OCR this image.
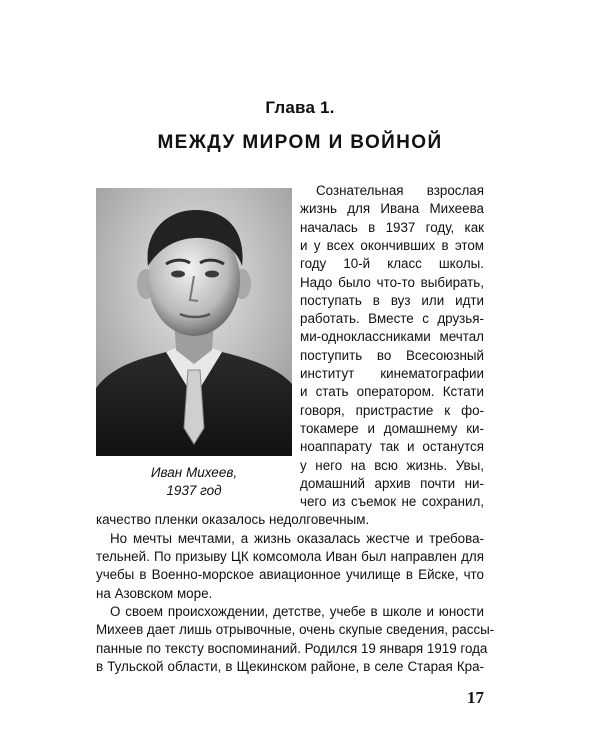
Глава 1.
МЕЖДУ МИРОМ И ВОЙНОЙ
Иван Михеев,
1937 год
Сознательная взрослая
жизнь для Ивана Михеева
началась в 1937 году, как
и у всех окончивших в этом
году 10-й класс школы.
Надо было что-то выбирать,
поступать в вуз или идти
работать. Вместе с друзья-
ми-одноклассниками мечтал
поступить во Всесоюзный
институт кинематографии
и стать оператором. Кстати
говоря, пристрастие к фо-
токамере и домашнему ки-
ноаппарату так и останутся
у него на всю жизнь. Увы,
домашний архив почти ни-
чего из съемок не сохранил,
качество пленки оказалось недолговечным.
Но мечты мечтами, а жизнь оказалась жестче и требова-
тельней. По призыву ЦК комсомола Иван был направлен для
учебы в Военно-морское авиационное училище в Ейске, что
на Азовском море.
О своем происхождении, детстве, учебе в школе и юности
Михеев дает лишь отрывочные, очень скупые сведения, рассы-
панные по тексту воспоминаний. Родился 19 января 1919 года
в Тульской области, в Щекинском районе, в селе Старая Кра-
17
